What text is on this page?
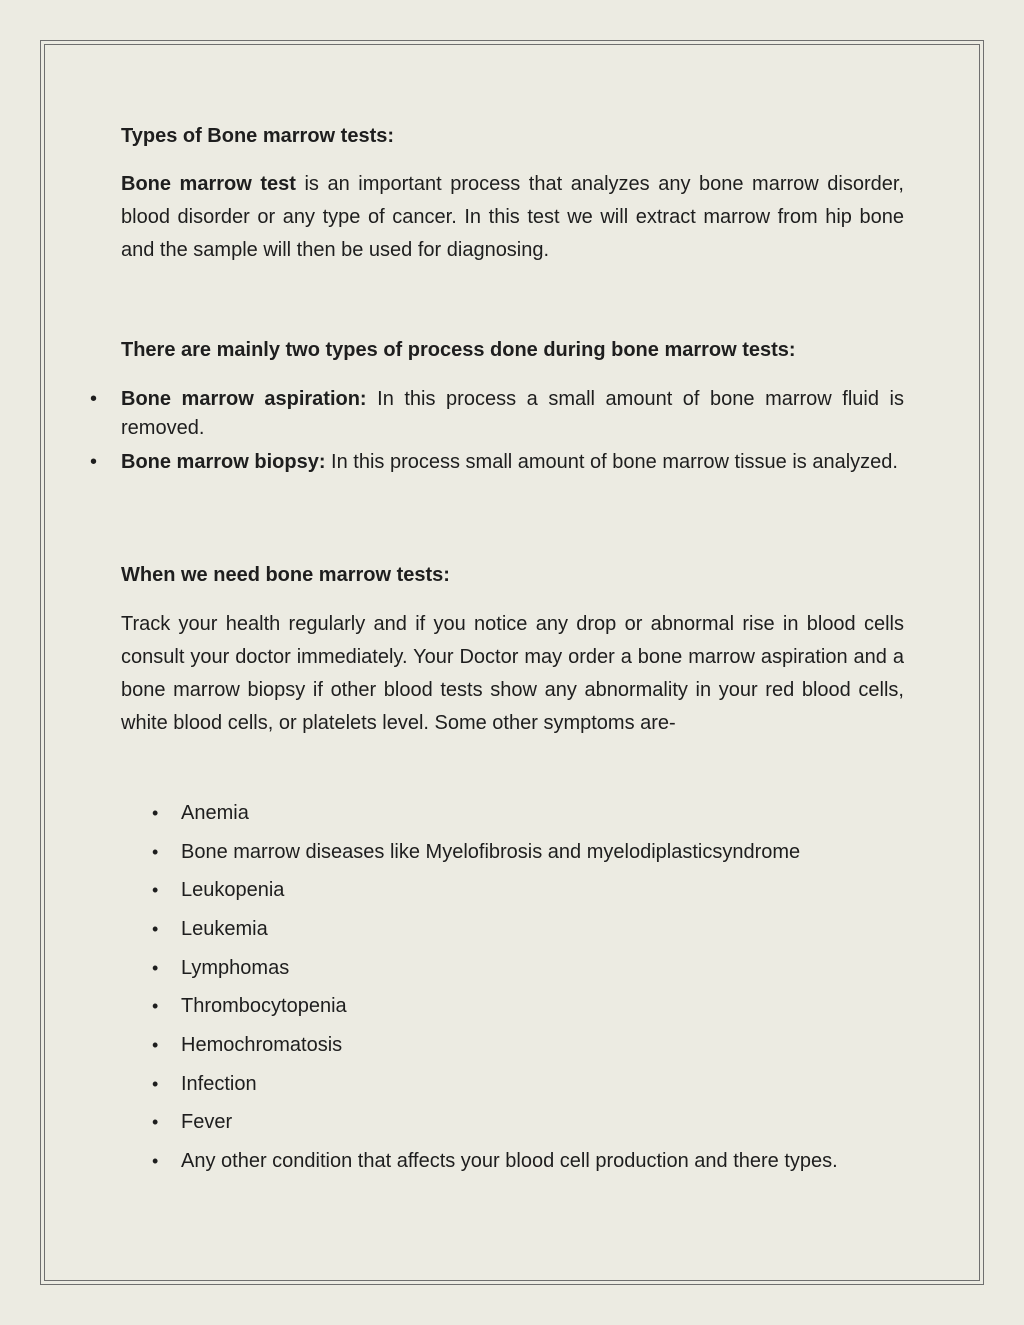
Types of Bone marrow tests:
Bone marrow test is an important process that analyzes any bone marrow disorder, blood disorder or any type of cancer. In this test we will extract marrow from hip bone and the sample will then be used for diagnosing.
There are mainly two types of process done during bone marrow tests:
• Bone marrow aspiration: In this process a small amount of bone marrow fluid is removed.
• Bone marrow biopsy: In this process small amount of bone marrow tissue is analyzed.
When we need bone marrow tests:
Track your health regularly and if you notice any drop or abnormal rise in blood cells consult your doctor immediately. Your Doctor may order a bone marrow aspiration and a bone marrow biopsy if other blood tests show any abnormality in your red blood cells, white blood cells, or platelets level. Some other symptoms are-
• Anemia
• Bone marrow diseases like Myelofibrosis and myelodiplasticsyndrome
• Leukopenia
• Leukemia
• Lymphomas
• Thrombocytopenia
• Hemochromatosis
• Infection
• Fever
• Any other condition that affects your blood cell production and there types.
